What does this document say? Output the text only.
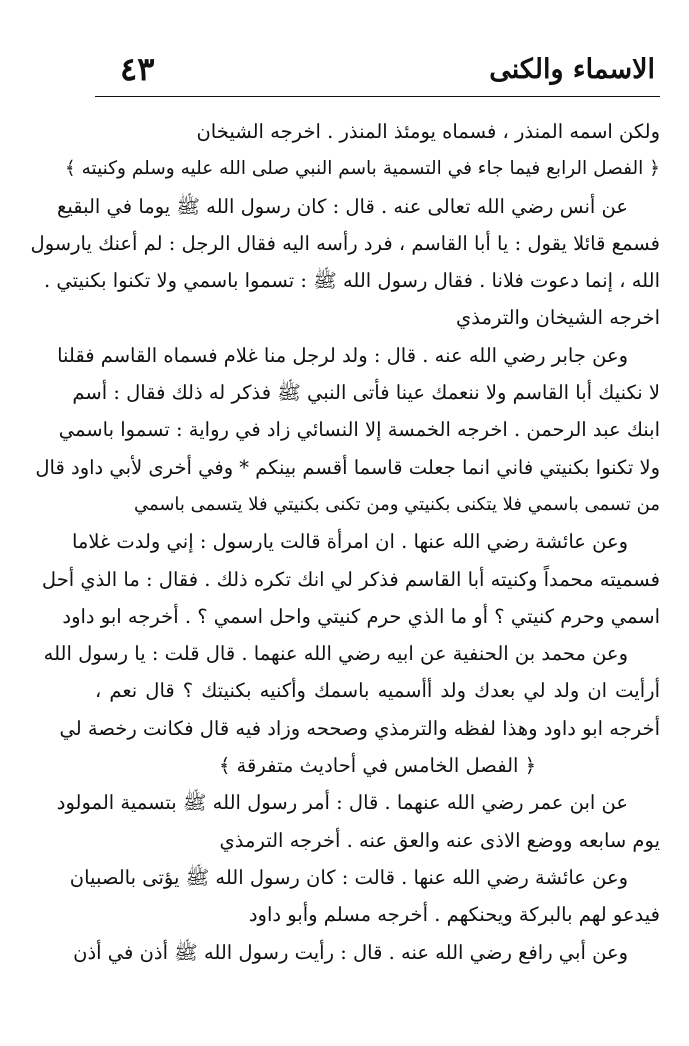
الاسماء والكنى
٤٣
ولكن اسمه المنذر ، فسماه يومئذ المنذر . اخرجه الشيخان
﴿ الفصل الرابع فيما جاء في التسمية باسم النبي صلى الله عليه وسلم وكنيته ﴾
عن أنس رضي الله تعالى عنه . قال : كان رسول الله ﷺ يوما في البقيع
فسمع قائلا يقول : يا أبا القاسم ، فرد رأسه اليه فقال الرجل : لم أعنك يارسول
الله ، إنما دعوت فلانا . فقال رسول الله ﷺ : تسموا باسمي ولا تكنوا بكنيتي .
اخرجه الشيخان والترمذي
وعن جابر رضي الله عنه . قال : ولد لرجل منا غلام فسماه القاسم فقلنا
لا نكنيك أبا القاسم ولا ننعمك عينا فأتى النبي ﷺ فذكر له ذلك فقال : أسم
ابنك عبد الرحمن . اخرجه الخمسة إلا النسائي زاد في رواية : تسموا باسمي
ولا تكنوا بكنيتي فاني انما جعلت قاسما أقسم بينكم * وفي أخرى لأبي داود قال
من تسمى باسمي فلا يتكنى بكنيتي ومن تكنى بكنيتي فلا يتسمى باسمي
وعن عائشة رضي الله عنها . ان امرأة قالت يارسول : إني ولدت غلاما
فسميته محمداً وكنيته أبا القاسم فذكر لي انك تكره ذلك . فقال : ما الذي أحل
اسمي وحرم كنيتي ؟ أو ما الذي حرم كنيتي واحل اسمي ؟ . أخرجه ابو داود
وعن محمد بن الحنفية عن ابيه رضي الله عنهما . قال قلت : يا رسول الله
أرأيت ان ولد لي بعدك ولد أأسميه باسمك وأكنيه بكنيتك ؟ قال نعم ،
أخرجه ابو داود وهذا لفظه والترمذي وصححه وزاد فيه قال فكانت رخصة لي
﴿ الفصل الخامس في أحاديث متفرقة ﴾
عن ابن عمر رضي الله عنهما . قال : أمر رسول الله ﷺ بتسمية المولود
يوم سابعه ووضع الاذى عنه والعق عنه . أخرجه الترمذي
وعن عائشة رضي الله عنها . قالت : كان رسول الله ﷺ يؤتى بالصبيان
فيدعو لهم بالبركة ويحنكهم . أخرجه مسلم وأبو داود
وعن أبي رافع رضي الله عنه . قال : رأيت رسول الله ﷺ أذن في أذن
